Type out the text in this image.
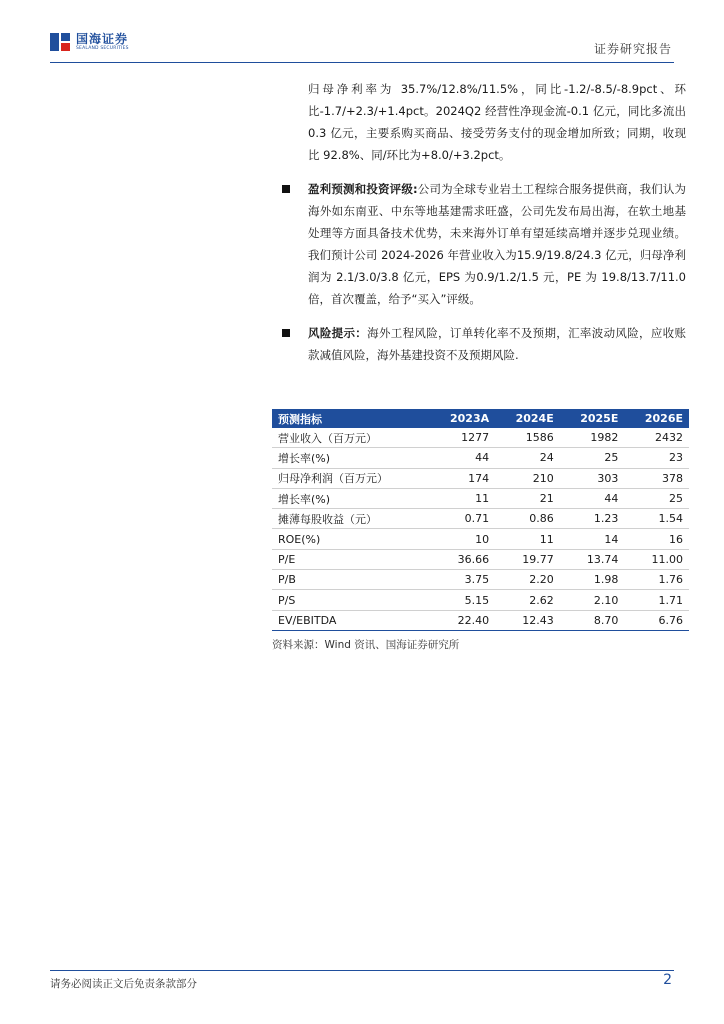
国海证券
SEALAND SECURITIES	证券研究报告

归母净利率为 35.7%/12.8%/11.5%，同比-1.2/-8.5/-8.9pct、环比-1.7/+2.3/+1.4pct。2024Q2 经营性净现金流-0.1 亿元，同比多流出0.3 亿元，主要系购买商品、接受劳务支付的现金增加所致；同期，收现比 92.8%、同/环比为+8.0/+3.2pct。

盈利预测和投资评级:公司为全球专业岩土工程综合服务提供商，我们认为海外如东南亚、中东等地基建需求旺盛，公司先发布局出海，在软土地基处理等方面具备技术优势，未来海外订单有望延续高增并逐步兑现业绩。我们预计公司 2024-2026 年营业收入为15.9/19.8/24.3 亿元，归母净利润为 2.1/3.0/3.8 亿元，EPS 为0.9/1.2/1.5 元，PE 为 19.8/13.7/11.0 倍，首次覆盖，给予“买入”评级。
风险提示：海外工程风险，订单转化率不及预期，汇率波动风险，应收账款减值风险，海外基建投资不及预期风险.
预测指标	2023A	2024E	2025E	2026E
营业收入（百万元）	1277	1586	1982	2432
增长率(%)	44	24	25	23
归母净利润（百万元）	174	210	303	378
增长率(%)	11	21	44	25
摊薄每股收益（元）	0.71	0.86	1.23	1.54
ROE(%)	10	11	14	16
P/E	36.66	19.77	13.74	11.00
P/B	3.75	2.20	1.98	1.76
P/S	5.15	2.62	2.10	1.71
EV/EBITDA	22.40	12.43	8.70	6.76
资料来源：Wind 资讯、国海证券研究所
请务必阅读正文后免责条款部分	2
